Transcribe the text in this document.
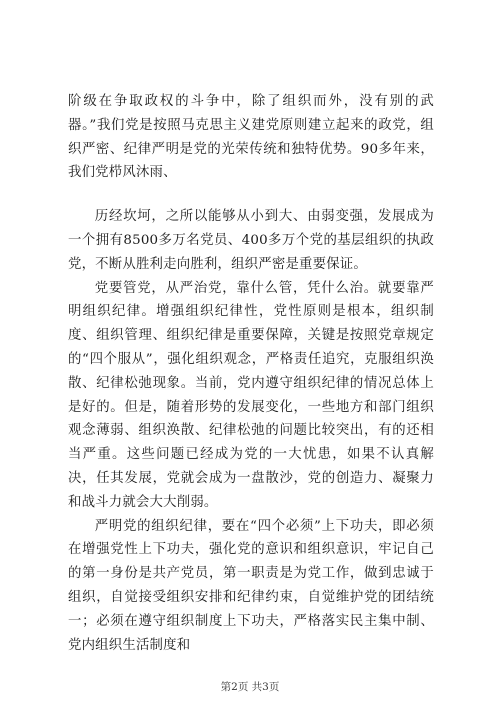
阶级在争取政权的斗争中，除了组织而外，没有别的武器。”我们党是按照马克思主义建党原则建立起来的政党，组织严密、纪律严明是党的光荣传统和独特优势。90多年来，我们党栉风沐雨、

历经坎坷，之所以能够从小到大、由弱变强，发展成为一个拥有8500多万名党员、400多万个党的基层组织的执政党，不断从胜利走向胜利，组织严密是重要保证。

党要管党，从严治党，靠什么管，凭什么治。就要靠严明组织纪律。增强组织纪律性，党性原则是根本，组织制度、组织管理、组织纪律是重要保障，关键是按照党章规定的“四个服从”，强化组织观念，严格责任追究，克服组织涣散、纪律松弛现象。当前，党内遵守组织纪律的情况总体上是好的。但是，随着形势的发展变化，一些地方和部门组织观念薄弱、组织涣散、纪律松弛的问题比较突出，有的还相当严重。这些问题已经成为党的一大忧患，如果不认真解决，任其发展，党就会成为一盘散沙，党的创造力、凝聚力和战斗力就会大大削弱。

严明党的组织纪律，要在“四个必须”上下功夫，即必须在增强党性上下功夫，强化党的意识和组织意识，牢记自己的第一身份是共产党员，第一职责是为党工作，做到忠诚于组织，自觉接受组织安排和纪律约束，自觉维护党的团结统一；必须在遵守组织制度上下功夫，严格落实民主集中制、党内组织生活制度和

第2页 共3页
